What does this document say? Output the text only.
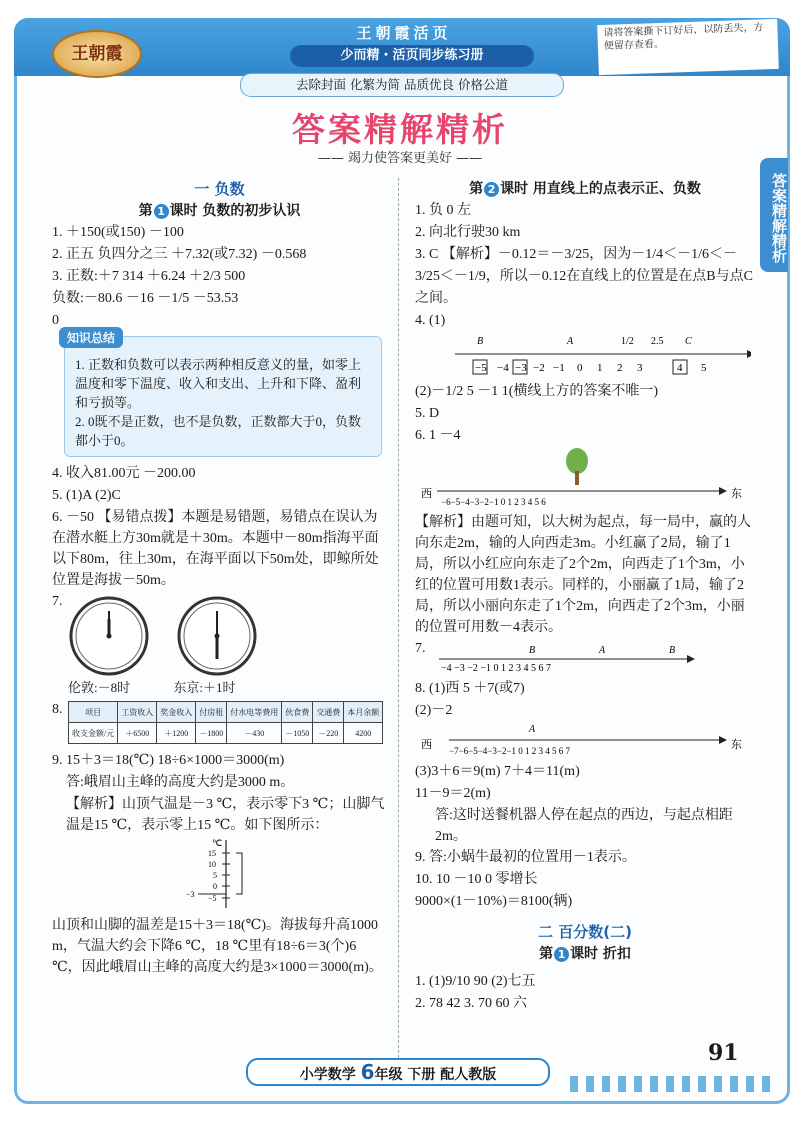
王朝霞
王朝霞活页
少而精・活页同步练习册
请将答案撕下订好后，以防丢失，方便留存查看。
去除封面 化繁为简 品质优良 价格公道
答案精解精析
—— 竭力使答案更美好 ——
答案精解精析
一 负数
第 1 课时 负数的初步认识
1. ＋150(或150) －100
2. 正五 负四分之三 ＋7.32(或7.32) －0.568
3. 正数:＋7 314 ＋6.24 ＋2/3 500
负数:－80.6 －16 －1/5 －53.53
0
知识总结
1. 正数和负数可以表示两种相反意义的量，如零上温度和零下温度、收入和支出、上升和下降、盈利和亏损等。
2. 0既不是正数，也不是负数，正数都大于0，负数都小于0。
4. 收入81.00元 －200.00
5. (1)A (2)C
6. －50 【易错点拨】本题是易错题，易错点在误认为在潜水艇上方30m就是＋30m。本题中－80m指海平面以下80m，往上30m，在海平面以下50m处，即鲸所处位置是海拔－50m。
7.
伦敦:－8时	东京:＋1时
8.	项目	工资收入	奖金收入	付房租	付水电等费用	伙食费	交通费	本月余额
收支金额/元	＋6500	＋1200	－1800	－430	－1050	－220	4200
9. 15＋3＝18(℃) 18÷6×1000＝3000(m)
答:峨眉山主峰的高度大约是3000 m。
【解析】山顶气温是－3 ℃，表示零下3 ℃；山脚气温是15 ℃，表示零上15 ℃。如下图所示：
℃
15
10
5
0
−3 −5
山顶和山脚的温差是15＋3＝18(℃)。海拔每升高1000 m，气温大约会下降6 ℃，18 ℃里有18÷6＝3(个)6 ℃，因此峨眉山主峰的高度大约是3×1000＝3000(m)。
第 2 课时 用直线上的点表示正、负数
1. 负 0 左
2. 向北行驶30 km
3. C 【解析】－0.12＝－3/25，因为－1/4＜－1/6＜－3/25＜－1/9，所以－0.12在直线上的位置是在点B与点C之间。
4. (1)
B	A	C
1/2 2.5
−5 −4 −3 −2 −1 0 1 2 3	4 5
(2)－1/2 5 －1 1(横线上方的答案不唯一)
5. D
6. 1 －4
西	东
−6−5−4−3−2−1 0 1 2 3 4 5 6
【解析】由题可知，以大树为起点，每一局中，赢的人向东走2m，输的人向西走3m。小红赢了2局，输了1局，所以小红应向东走了2个2m，向西走了1个3m，小红的位置可用数1表示。同样的，小丽赢了1局，输了2局，所以小丽向东走了1个2m，向西走了2个3m，小丽的位置可用数－4表示。
7.	B	A	B
−4 −3 −2 −1 0 1 2 3 4 5 6 7
8. (1)西 5 ＋7(或7)
(2)－2
A
西	东
−7−6−5−4−3−2−1 0 1 2 3 4 5 6 7
(3)3＋6＝9(m) 7＋4＝11(m)
11－9＝2(m)
答:这时送餐机器人停在起点的西边，与起点相距2m。
9. 答:小蜗牛最初的位置用－1表示。
10. 10 －10 0 零增长
9000×(1－10%)＝8100(辆)
二 百分数(二)
第 1 课时 折扣
1. (1)9/10 90 (2)七五
2. 78 42 3. 70 60 六
91
小学数学 6年级 下册 配人教版
